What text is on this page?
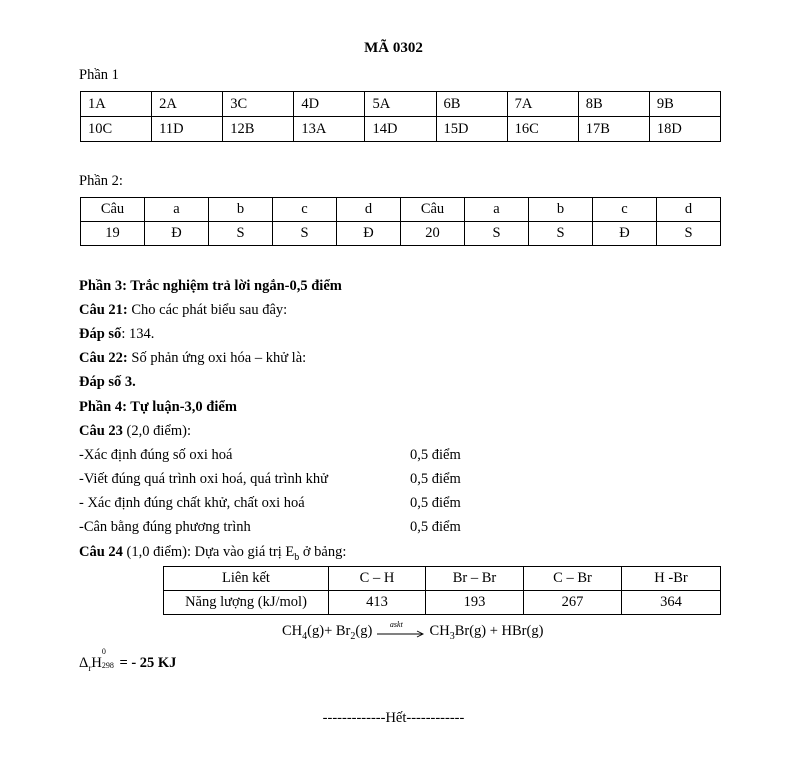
MÃ 0302
Phần 1
1A	2A	3C	4D	5A	6B	7A	8B	9B
10C	11D	12B	13A	14D	15D	16C	17B	18D
Phần 2:
Câu	a	b	c	d	Câu	a	b	c	d
19	Đ	S	S	Đ	20	S	S	Đ	S
Phần 3: Trắc nghiệm trả lời ngắn-0,5 điểm
Câu 21: Cho các phát biểu sau đây:
Đáp số: 134.
Câu 22: Số phản ứng oxi hóa – khử là:
Đáp số 3.
Phần 4: Tự luận-3,0 điểm
Câu 23 (2,0 điểm):
-Xác định đúng số oxi hoá	0,5 điểm
-Viết đúng quá trình oxi hoá, quá trình khử	0,5 điểm
- Xác định đúng chất khử, chất oxi hoá	0,5 điểm
-Cân bằng đúng phương trình	0,5 điểm
Câu 24 (1,0 điểm): Dựa vào giá trị $E_b$ ở bảng:
Liên kết	C – H	Br – Br	C – Br	H -Br
Năng lượng (kJ/mol)	413	193	267	364
$CH_4(g)+ Br_2(g)$ askt $CH_3Br(g) + HBr(g)$
$\Delta_rH$
0
298 = - 25 KJ
-------------Hết------------
